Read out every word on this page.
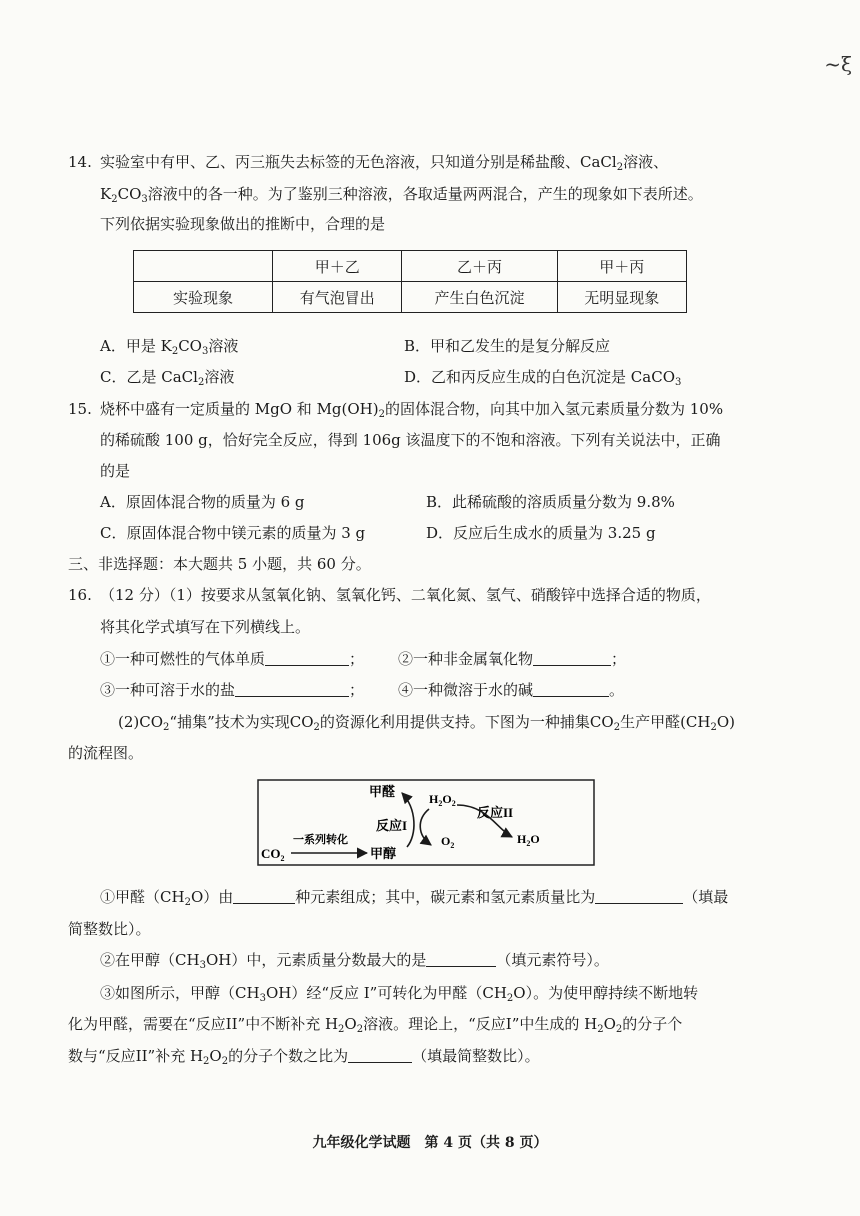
~ξ
14. 实验室中有甲、乙、丙三瓶失去标签的无色溶液，只知道分别是稀盐酸、CaCl$_2$溶液、
$K_2CO_3$溶液中的各一种。为了鉴别三种溶液，各取适量两两混合，产生的现象如下表所述。
下列依据实验现象做出的推断中，合理的是
	甲＋乙	乙＋丙	甲＋丙
实验现象	有气泡冒出	产生白色沉淀	无明显现象
A．甲是 $K_2CO_3$溶液	B．甲和乙发生的是复分解反应
C．乙是 CaCl$_2$溶液	D．乙和丙反应生成的白色沉淀是 CaCO$_3$
15. 烧杯中盛有一定质量的 MgO 和 $Mg(OH)_2$的固体混合物，向其中加入氢元素质量分数为 10%
的稀硫酸 100 g，恰好完全反应，得到 106g 该温度下的不饱和溶液。下列有关说法中，正确
的是
A．原固体混合物的质量为 6 g	B．此稀硫酸的溶质质量分数为 9.8%
C．原固体混合物中镁元素的质量为 3 g	D．反应后生成水的质量为 3.25 g
三、非选择题：本大题共 5 小题，共 60 分。
16. （12 分）（1）按要求从氢氧化钠、氢氧化钙、二氧化氮、氢气、硝酸锌中选择合适的物质，
将其化学式填写在下列横线上。
①一种可燃性的气体单质	； ②一种非金属氧化物	；
③一种可溶于水的盐	； ④一种微溶于水的碱	。
$(2)CO_2“$捕集”技术为实现$CO_2$的资源化利用提供支持。下图为一种捕集$CO_2$生产甲醛$(CH_2O)$
的流程图。
甲醛	$H_2O_2$
反应I
反应II
$O_2$	$H_2O$
$CO_2$
一系列转化
甲醇
①甲醛$(CH_2O)$由	种元素组成；其中，碳元素和氢元素质量比为	（填最
简整数比）。
②在甲醇$(CH_3OH)$中，元素质量分数最大的是	（填元素符号）。
③如图所示，甲醇$(CH_3OH)$经“反应 I”可转化为甲醛$(CH_2O)$。为使甲醇持续不断地转
化为甲醛，需要在“反应II”中不断补充 $H_2O_2$溶液。理论上，“反应I”中生成的 $H_2O_2$的分子个
数与“反应II”补充 $H_2O_2$的分子个数之比为	（填最简整数比）。
九年级化学试题　第 4 页（共 8 页）
